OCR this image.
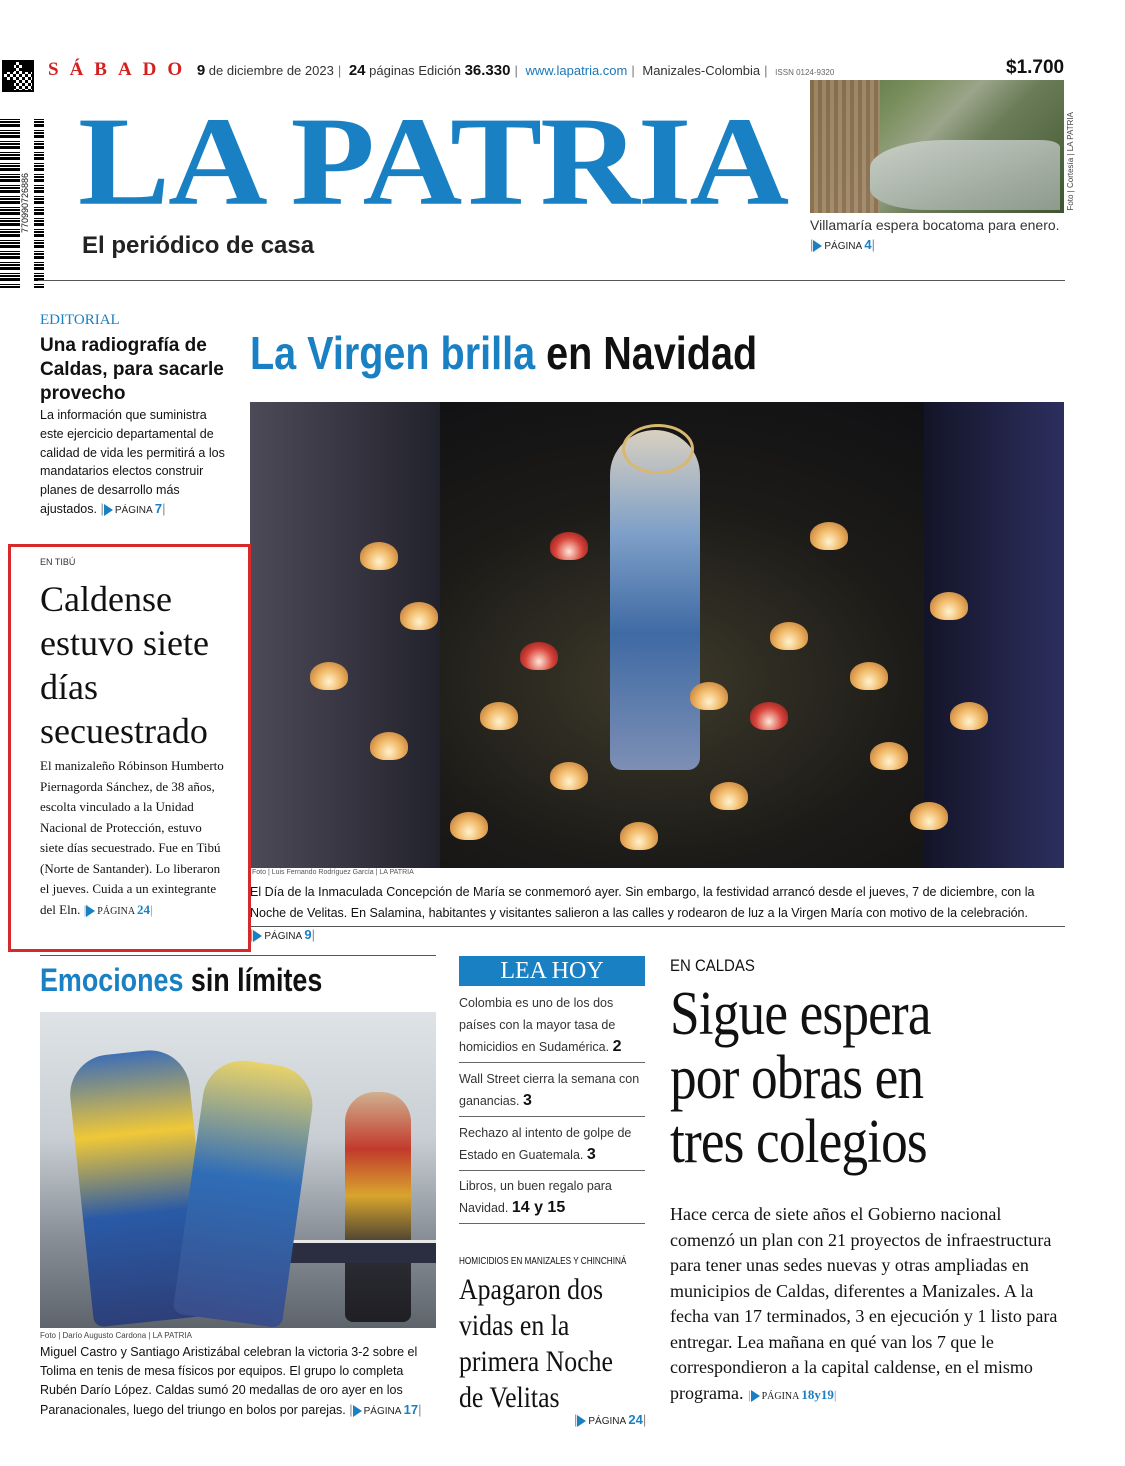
770990726886
SÁBADO 9 de diciembre de 2023 | 24 páginas Edición 36.330 | www.lapatria.com | Manizales-Colombia | ISSN 0124-9320	$1.700
LA PATRIA
El periódico de casa
Foto | Cortesía | LA PATRIA
Villamaría espera bocatoma para enero.
| PÁGINA 4|
EDITORIAL
Una radiografía de Caldas, para sacarle provecho
La información que suministra este ejercicio departamental de calidad de vida les permitirá a los mandatarios electos construir planes de desarrollo más ajustados. | PÁGINA 7|
La Virgen brilla en Navidad
Foto | Luis Fernando Rodríguez García | LA PATRIA
El Día de la Inmaculada Concepción de María se conmemoró ayer. Sin embargo, la festividad arrancó desde el jueves, 7 de diciembre, con la Noche de Velitas. En Salamina, habitantes y visitantes salieron a las calles y rodearon de luz a la Virgen María con motivo de la celebración. | PÁGINA 9|
EN TIBÚ
Caldense estuvo siete días secuestrado
El manizaleño Róbinson Humberto Piernagorda Sánchez, de 38 años, escolta vinculado a la Unidad Nacional de Protección, estuvo siete días secuestrado. Fue en Tibú (Norte de Santander). Lo liberaron el jueves. Cuida a un exintegrante del Eln. | PÁGINA 24|
Emociones sin límites
Foto | Darío Augusto Cardona | LA PATRIA
Miguel Castro y Santiago Aristizábal celebran la victoria 3-2 sobre el Tolima en tenis de mesa físicos por equipos. El grupo lo completa Rubén Darío López. Caldas sumó 20 medallas de oro ayer en los Paranacionales, luego del triungo en bolos por parejas. | PÁGINA 17|
LEA HOY
Colombia es uno de los dos países con la mayor tasa de homicidios en Sudamérica. 2
Wall Street cierra la semana con ganancias. 3
Rechazo al intento de golpe de Estado en Guatemala. 3
Libros, un buen regalo para Navidad. 14 y 15
HOMICIDIOS EN MANIZALES Y CHINCHINÁ
Apagaron dos
vidas en la
primera Noche
de Velitas
| PÁGINA 24|
EN CALDAS
Sigue espera
por obras en
tres colegios
Hace cerca de siete años el Gobierno nacional comenzó un plan con 21 proyectos de infraestructura para tener unas sedes nuevas y otras ampliadas en municipios de Caldas, diferentes a Manizales. A la fecha van 17 terminados, 3 en ejecución y 1 listo para entregar. Lea mañana en qué van los 7 que le correspondieron a la capital caldense, en el mismo programa. | PÁGINA 18y19|
